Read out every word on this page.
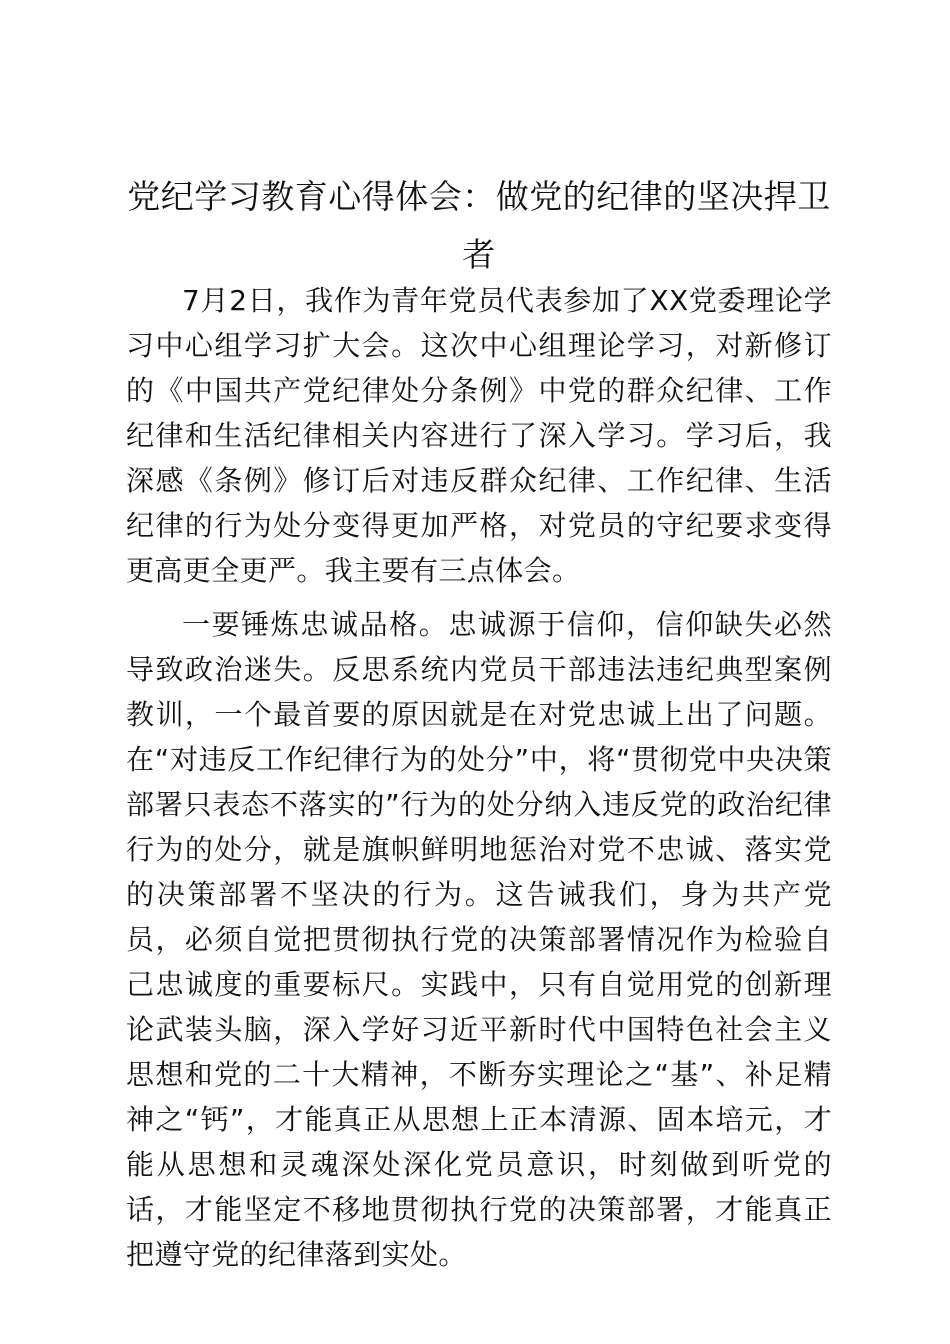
党纪学习教育心得体会：做党的纪律的坚决捍卫者

7月2日，我作为青年党员代表参加了XX党委理论学习中心组学习扩大会。这次中心组理论学习，对新修订的《中国共产党纪律处分条例》中党的群众纪律、工作纪律和生活纪律相关内容进行了深入学习。学习后，我深感《条例》修订后对违反群众纪律、工作纪律、生活纪律的行为处分变得更加严格，对党员的守纪要求变得更高更全更严。我主要有三点体会。

一要锤炼忠诚品格。忠诚源于信仰，信仰缺失必然导致政治迷失。反思系统内党员干部违法违纪典型案例教训，一个最首要的原因就是在对党忠诚上出了问题。在“对违反工作纪律行为的处分”中，将“贯彻党中央决策部署只表态不落实的”行为的处分纳入违反党的政治纪律行为的处分，就是旗帜鲜明地惩治对党不忠诚、落实党的决策部署不坚决的行为。这告诫我们，身为共产党员，必须自觉把贯彻执行党的决策部署情况作为检验自己忠诚度的重要标尺。实践中，只有自觉用党的创新理论武装头脑，深入学好习近平新时代中国特色社会主义思想和党的二十大精神，不断夯实理论之“基”、补足精神之“钙”，才能真正从思想上正本清源、固本培元，才能从思想和灵魂深处深化党员意识，时刻做到听党的话，才能坚定不移地贯彻执行党的决策部署，才能真正把遵守党的纪律落到实处。
